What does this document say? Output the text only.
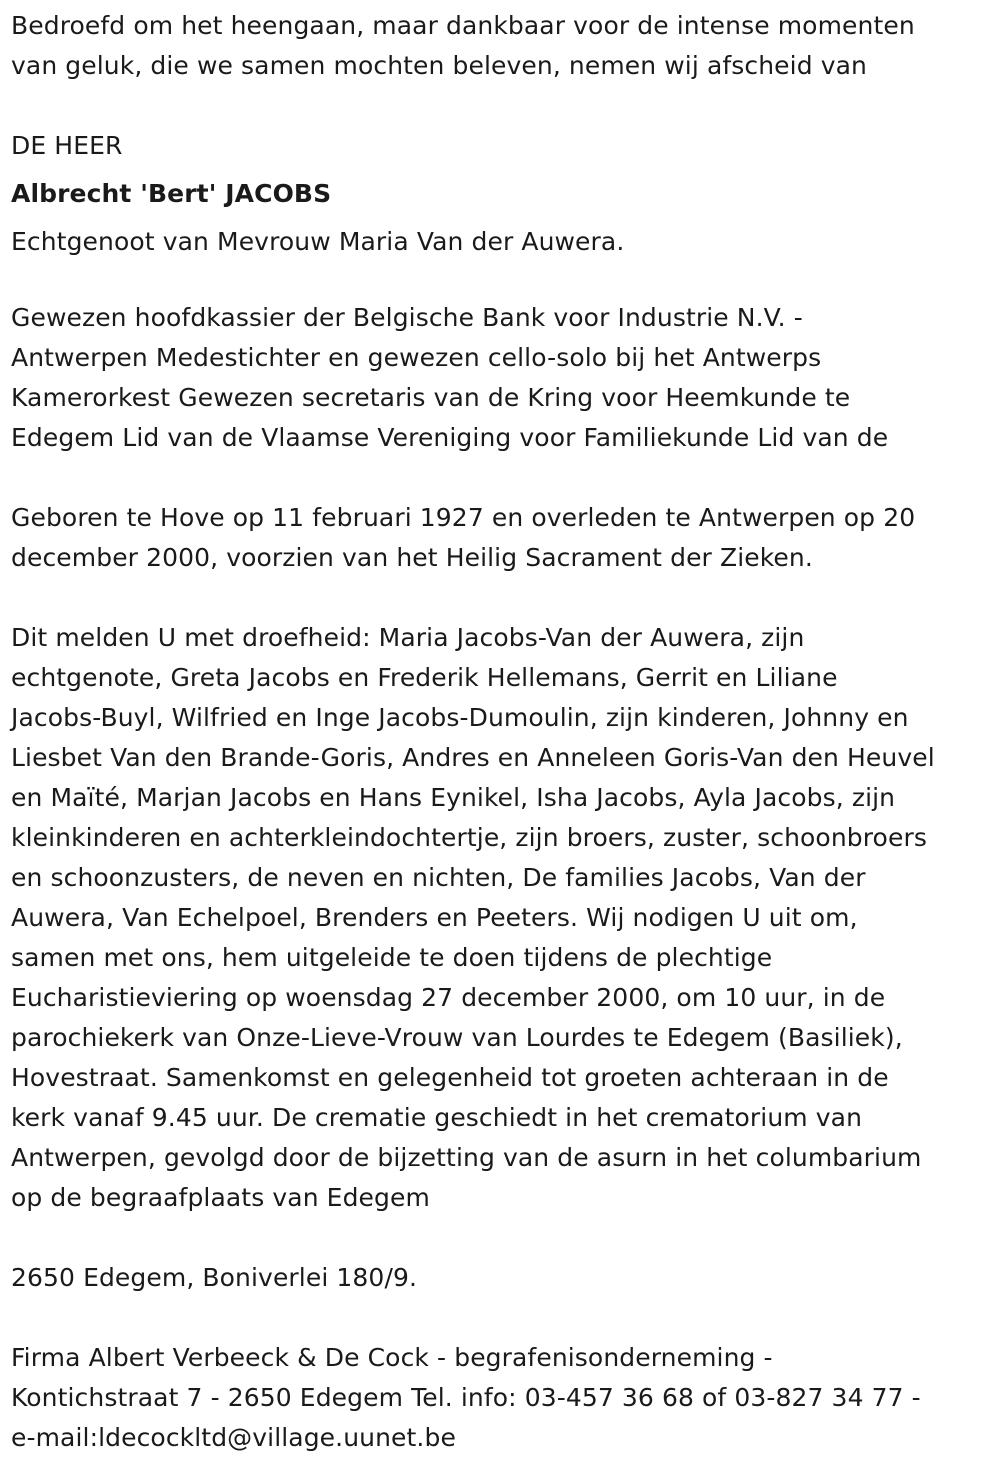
Bedroefd om het heengaan, maar dankbaar voor de intense momenten
van geluk, die we samen mochten beleven, nemen wij afscheid van
DE HEER
Albrecht 'Bert' JACOBS
Echtgenoot van Mevrouw Maria Van der Auwera.
Gewezen hoofdkassier der Belgische Bank voor Industrie N.V. -
Antwerpen Medestichter en gewezen cello-solo bij het Antwerps
Kamerorkest Gewezen secretaris van de Kring voor Heemkunde te
Edegem Lid van de Vlaamse Vereniging voor Familiekunde Lid van de
Geboren te Hove op 11 februari 1927 en overleden te Antwerpen op 20
december 2000, voorzien van het Heilig Sacrament der Zieken.
Dit melden U met droefheid: Maria Jacobs-Van der Auwera, zijn
echtgenote, Greta Jacobs en Frederik Hellemans, Gerrit en Liliane
Jacobs-Buyl, Wilfried en Inge Jacobs-Dumoulin, zijn kinderen, Johnny en
Liesbet Van den Brande-Goris, Andres en Anneleen Goris-Van den Heuvel
en Maïté, Marjan Jacobs en Hans Eynikel, Isha Jacobs, Ayla Jacobs, zijn
kleinkinderen en achterkleindochtertje, zijn broers, zuster, schoonbroers
en schoonzusters, de neven en nichten, De families Jacobs, Van der
Auwera, Van Echelpoel, Brenders en Peeters. Wij nodigen U uit om,
samen met ons, hem uitgeleide te doen tijdens de plechtige
Eucharistieviering op woensdag 27 december 2000, om 10 uur, in de
parochiekerk van Onze-Lieve-Vrouw van Lourdes te Edegem (Basiliek),
Hovestraat. Samenkomst en gelegenheid tot groeten achteraan in de
kerk vanaf 9.45 uur. De crematie geschiedt in het crematorium van
Antwerpen, gevolgd door de bijzetting van de asurn in het columbarium
op de begraafplaats van Edegem
2650 Edegem, Boniverlei 180/9.
Firma Albert Verbeeck & De Cock - begrafenisonderneming -
Kontichstraat 7 - 2650 Edegem Tel. info: 03-457 36 68 of 03-827 34 77 -
e-mail:ldecockltd@village.uunet.be
